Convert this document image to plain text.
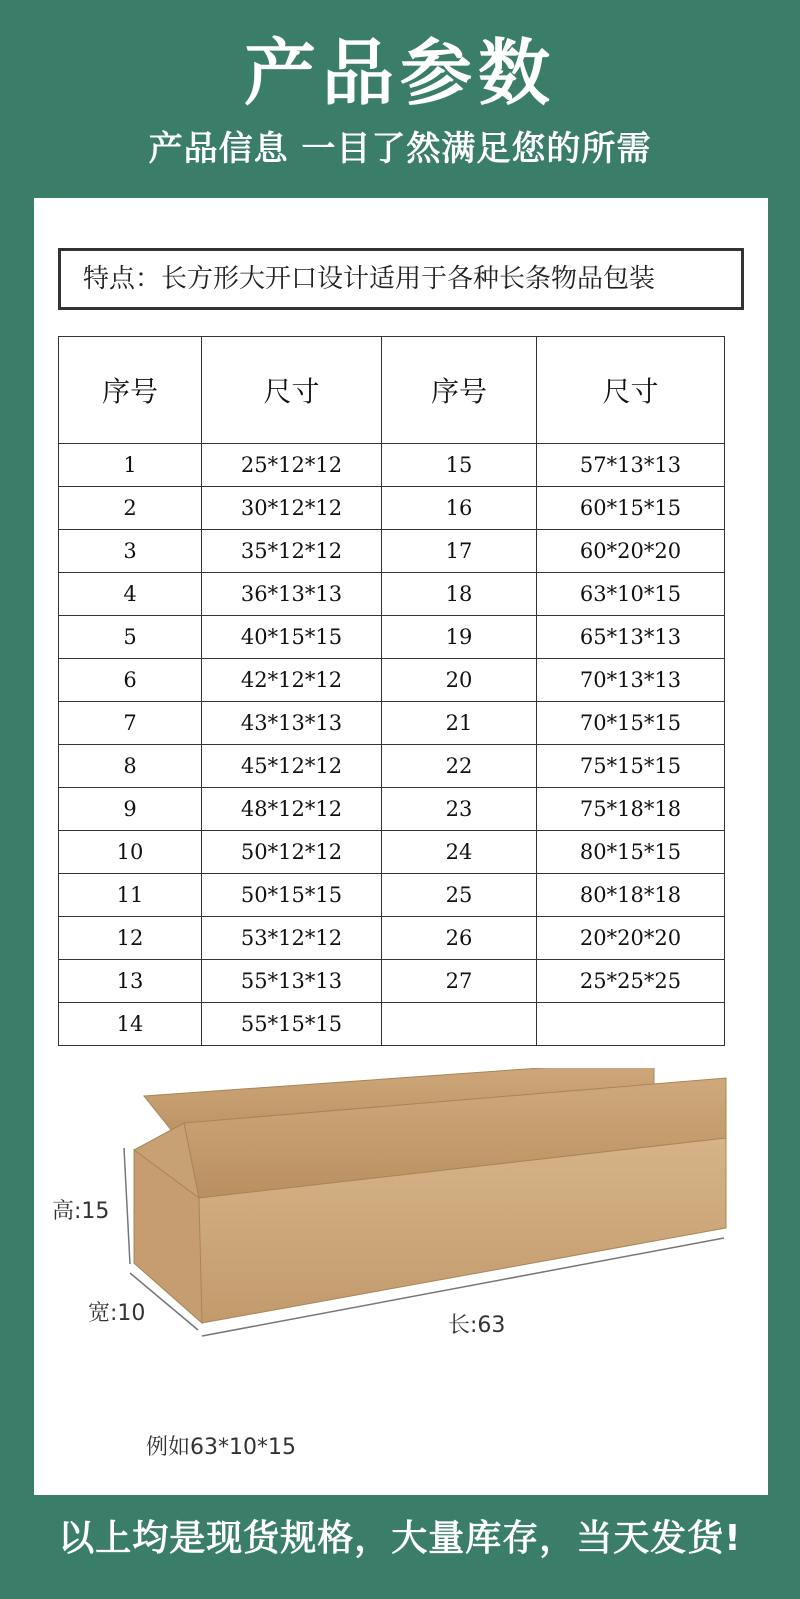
产品参数
产品信息 一目了然满足您的所需
特点：长方形大开口设计适用于各种长条物品包装
序号	尺寸	序号	尺寸
1	25*12*12	15	57*13*13
2	30*12*12	16	60*15*15
3	35*12*12	17	60*20*20
4	36*13*13	18	63*10*15
5	40*15*15	19	65*13*13
6	42*12*12	20	70*13*13
7	43*13*13	21	70*15*15
8	45*12*12	22	75*15*15
9	48*12*12	23	75*18*18
10	50*12*12	24	80*15*15
11	50*15*15	25	80*18*18
12	53*12*12	26	20*20*20
13	55*13*13	27	25*25*25
14	55*15*15		
高:15
宽:10	长:63
例如63*10*15
以上均是现货规格，大量库存，当天发货!
